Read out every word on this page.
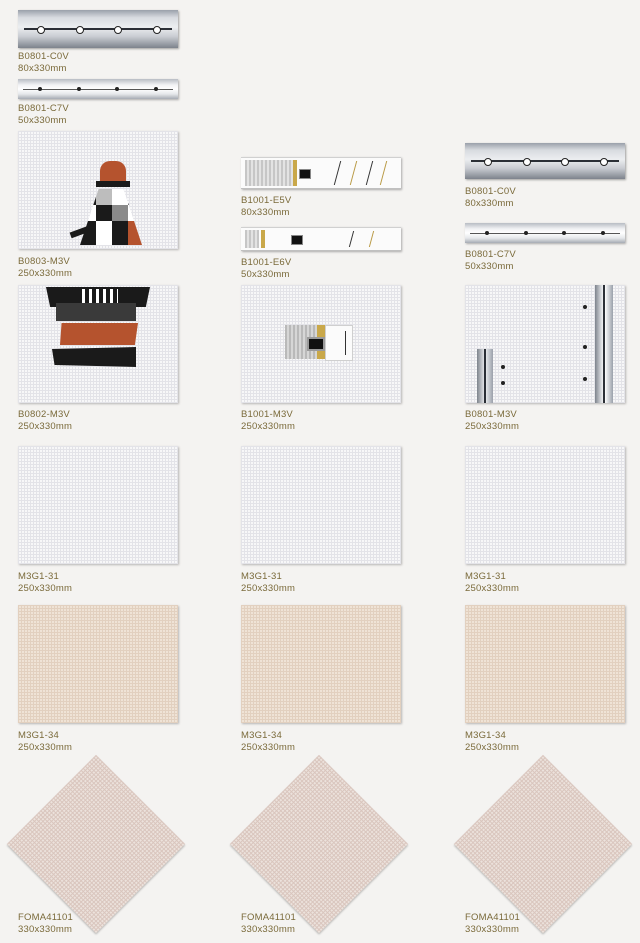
B0801-C0V
80x330mm
B0801-C7V
50x330mm
B0803-M3V
250x330mm
B1001-E5V
80x330mm
B1001-E6V
50x330mm
B0801-C0V
80x330mm
B0801-C7V
50x330mm
B0802-M3V
250x330mm
B1001-M3V
250x330mm
B0801-M3V
250x330mm
M3G1-31
250x330mm
M3G1-31
250x330mm
M3G1-31
250x330mm
M3G1-34
250x330mm
M3G1-34
250x330mm
M3G1-34
250x330mm
FOMA41101
330x330mm
FOMA41101
330x330mm
FOMA41101
330x330mm
